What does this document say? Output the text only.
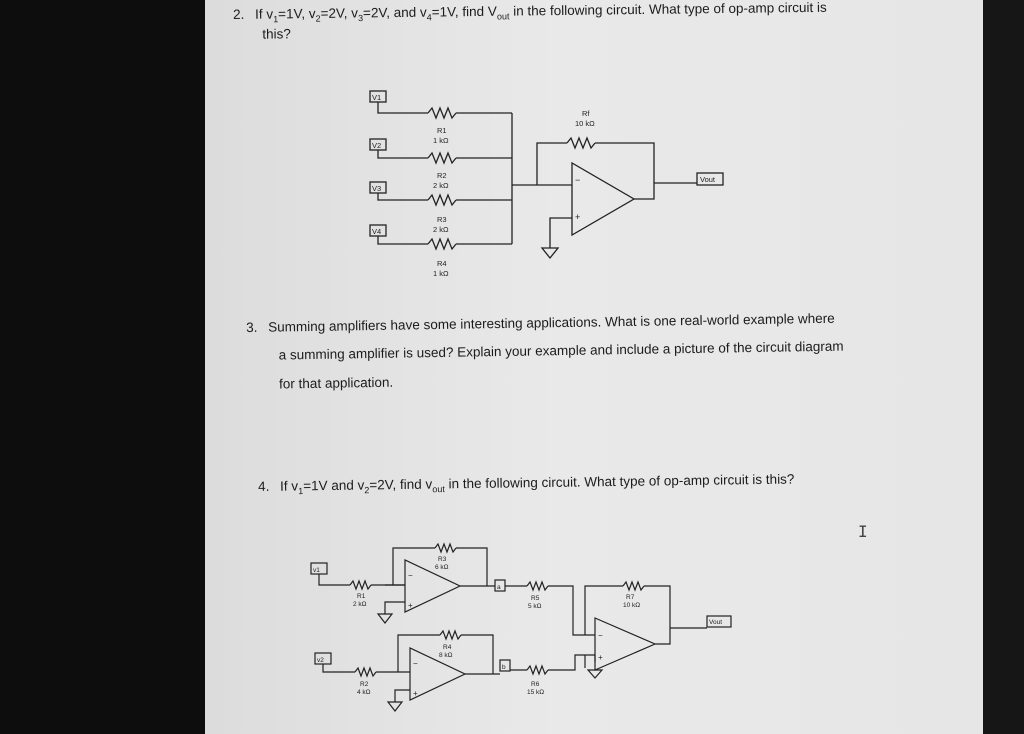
2. If $v_1=1V$, $v_2=2V$, $v_3=2V$, and $v_4=1V$, find $V_{out}$ in the following circuit. What type of op-amp circuit is
this?
V1
V2
V3
V4
R1
1 kΩ
R2
2 kΩ
R3
2 kΩ
R4
1 kΩ
Rf
10 kΩ
Vout
−
+
3. Summing amplifiers have some interesting applications. What is one real-world example where
a summing amplifier is used? Explain your example and include a picture of the circuit diagram
for that application.
4. If $v_1=1V$ and $v_2=2V$, find $v_{out}$ in the following circuit. What type of op-amp circuit is this?
v1
v2
a
b
R1
2 kΩ
R2
4 kΩ
R3
6 kΩ
R4
8 kΩ
R5
5 kΩ
R6
15 kΩ
R7
10 kΩ
Vout
−
+
−
+
−
+
I
